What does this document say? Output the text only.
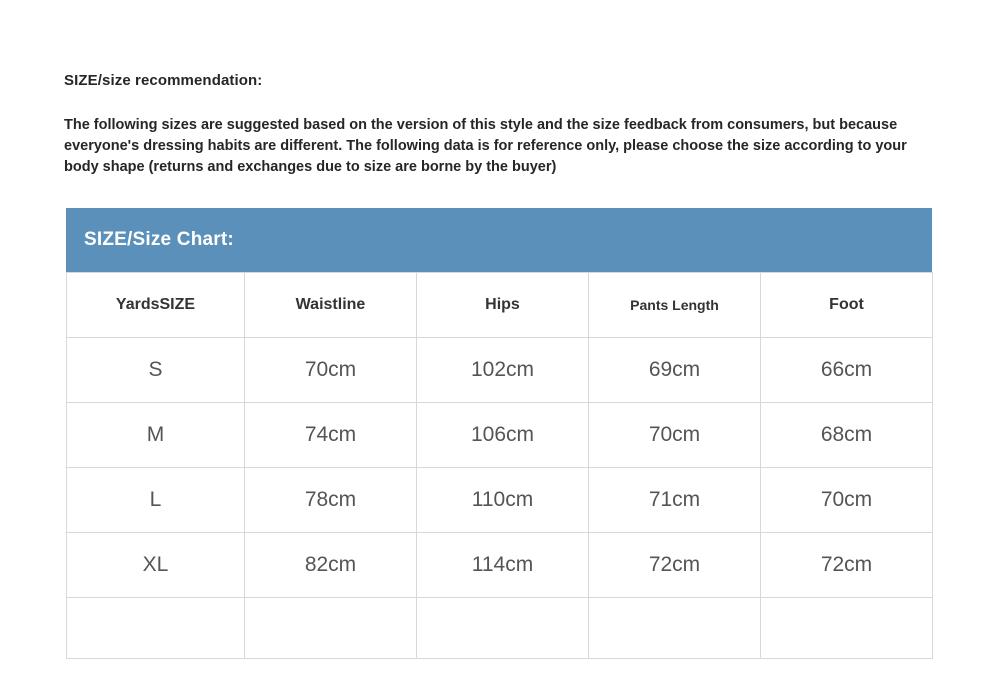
SIZE/size recommendation:
The following sizes are suggested based on the version of this style and the size feedback from consumers, but because everyone's dressing habits are different. The following data is for reference only, please choose the size according to your body shape (returns and exchanges due to size are borne by the buyer)
SIZE/Size Chart:
YardsSIZE	Waistline	Hips	Pants Length	Foot
S	70cm	102cm	69cm	66cm
M	74cm	106cm	70cm	68cm
L	78cm	110cm	71cm	70cm
XL	82cm	114cm	72cm	72cm
